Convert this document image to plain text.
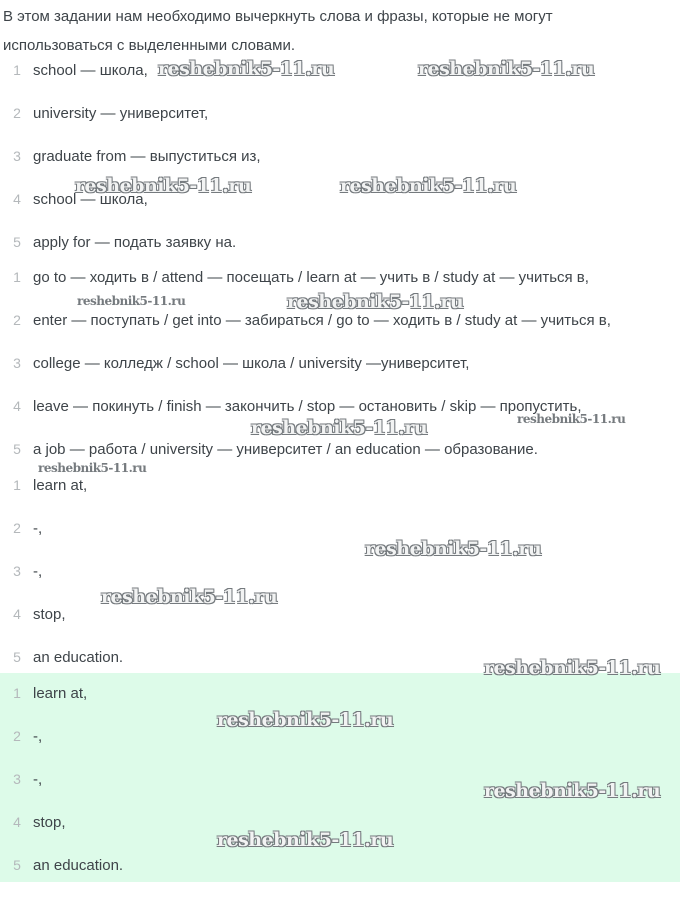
В этом задании нам необходимо вычеркнуть слова и фразы, которые не могут использоваться с выделенными словами.
1 school — школа,
2 university — университет,
3 graduate from — выпуститься из,
4 school — школа,
5 apply for — подать заявку на.
1 go to — ходить в / attend — посещать / learn at — учить в / study at — учиться в,
2 enter — поступать / get into — забираться / go to — ходить в / study at — учиться в,
3 college — колледж / school — школа / university —университет,
4 leave — покинуть / finish — закончить / stop — остановить / skip — пропустить,
5 a job — работа / university — университет / an education — образование.
1 learn at,
2 -,
3 -,
4 stop,
5 an education.
1 learn at,
2 -,
3 -,
4 stop,
5 an education.
reshebnik5-11.ru	reshebnik5-11.ru
reshebnik5-11.ru	reshebnik5-11.ru
reshebnik5-11.ru	reshebnik5-11.ru
reshebnik5-11.ru	reshebnik5-11.ru
reshebnik5-11.ru
reshebnik5-11.ru
reshebnik5-11.ru
reshebnik5-11.ru
reshebnik5-11.ru
reshebnik5-11.ru
reshebnik5-11.ru
